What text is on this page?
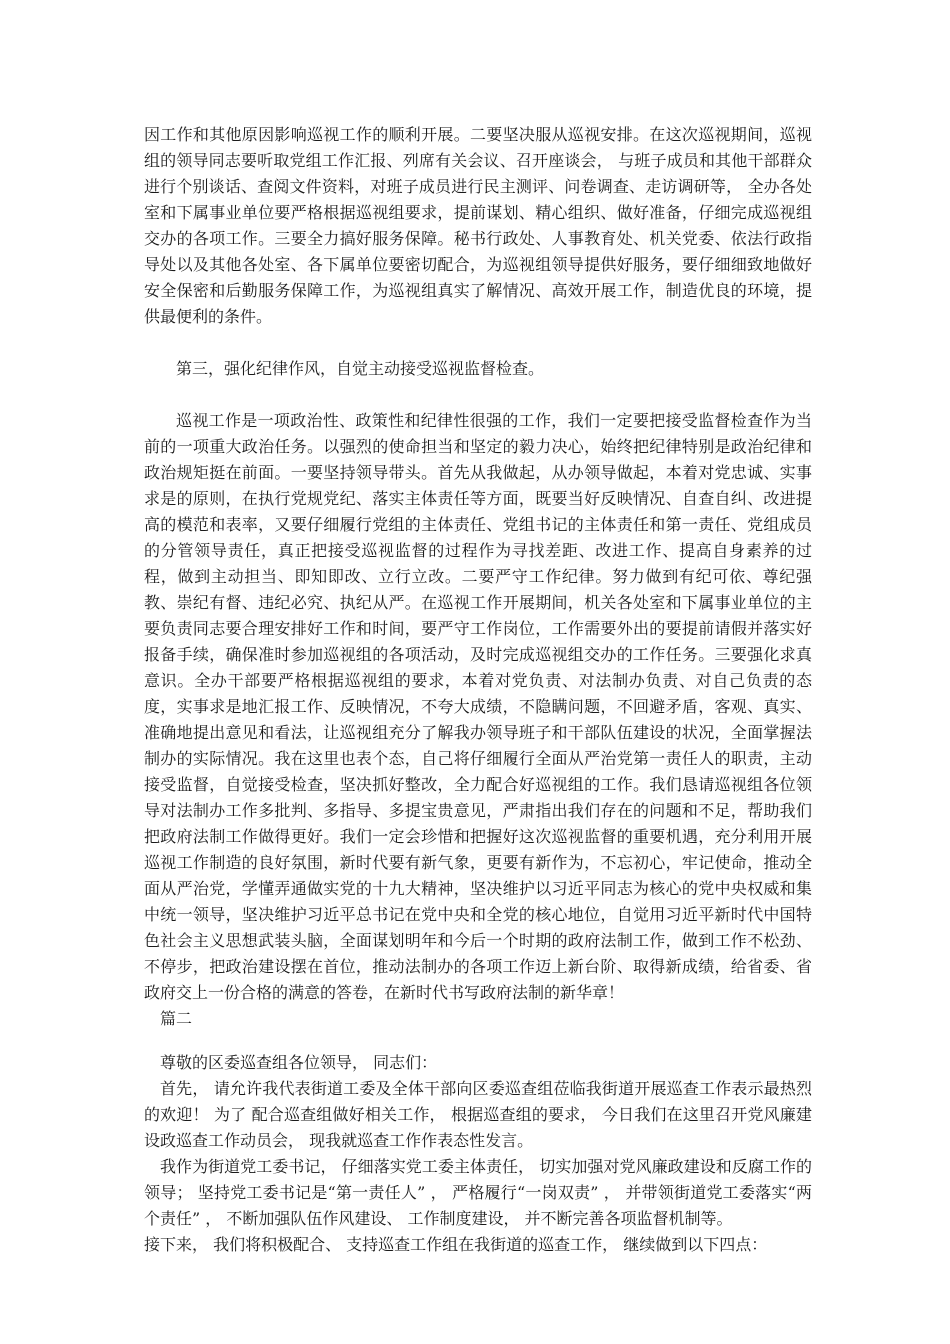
因工作和其他原因影响巡视工作的顺利开展。二要坚决服从巡视安排。在这次巡视期间，巡视组的领导同志要听取党组工作汇报、列席有关会议、召开座谈会， 与班子成员和其他干部群众进行个别谈话、查阅文件资料，对班子成员进行民主测评、问卷调查、走访调研等， 全办各处室和下属事业单位要严格根据巡视组要求，提前谋划、精心组织、做好准备，仔细完成巡视组交办的各项工作。三要全力搞好服务保障。秘书行政处、人事教育处、机关党委、依法行政指导处以及其他各处室、各下属单位要密切配合，为巡视组领导提供好服务，要仔细细致地做好安全保密和后勤服务保障工作，为巡视组真实了解情况、高效开展工作，制造优良的环境，提供最便利的条件。

第三，强化纪律作风，自觉主动接受巡视监督检查。

巡视工作是一项政治性、政策性和纪律性很强的工作，我们一定要把接受监督检查作为当前的一项重大政治任务。以强烈的使命担当和坚定的毅力决心，始终把纪律特别是政治纪律和政治规矩挺在前面。一要坚持领导带头。首先从我做起，从办领导做起，本着对党忠诚、实事求是的原则，在执行党规党纪、落实主体责任等方面，既要当好反映情况、自查自纠、改进提高的模范和表率，又要仔细履行党组的主体责任、党组书记的主体责任和第一责任、党组成员的分管领导责任，真正把接受巡视监督的过程作为寻找差距、改进工作、提高自身素养的过程，做到主动担当、即知即改、立行立改。二要严守工作纪律。努力做到有纪可依、尊纪强教、崇纪有督、违纪必究、执纪从严。在巡视工作开展期间，机关各处室和下属事业单位的主要负责同志要合理安排好工作和时间，要严守工作岗位，工作需要外出的要提前请假并落实好报备手续，确保准时参加巡视组的各项活动，及时完成巡视组交办的工作任务。三要强化求真意识。全办干部要严格根据巡视组的要求，本着对党负责、对法制办负责、对自己负责的态度，实事求是地汇报工作、反映情况，不夸大成绩，不隐瞒问题，不回避矛盾，客观、真实、准确地提出意见和看法，让巡视组充分了解我办领导班子和干部队伍建设的状况，全面掌握法制办的实际情况。我在这里也表个态，自己将仔细履行全面从严治党第一责任人的职责，主动接受监督，自觉接受检查，坚决抓好整改，全力配合好巡视组的工作。我们恳请巡视组各位领导对法制办工作多批判、多指导、多提宝贵意见，严肃指出我们存在的问题和不足，帮助我们把政府法制工作做得更好。我们一定会珍惜和把握好这次巡视监督的重要机遇，充分利用开展巡视工作制造的良好氛围，新时代要有新气象，更要有新作为，不忘初心，牢记使命，推动全面从严治党，学懂弄通做实党的十九大精神，坚决维护以习近平同志为核心的党中央权威和集中统一领导，坚决维护习近平总书记在党中央和全党的核心地位，自觉用习近平新时代中国特色社会主义思想武装头脑，全面谋划明年和今后一个时期的政府法制工作，做到工作不松劲、不停步，把政治建设摆在首位，推动法制办的各项工作迈上新台阶、取得新成绩，给省委、省政府交上一份合格的满意的答卷，在新时代书写政府法制的新华章！

篇二

尊敬的区委巡查组各位领导， 同志们：

首先， 请允许我代表街道工委及全体干部向区委巡查组莅临我街道开展巡查工作表示最热烈的欢迎！ 为了 配合巡查组做好相关工作， 根据巡查组的要求， 今日我们在这里召开党风廉建设政巡查工作动员会， 现我就巡查工作作表态性发言。

我作为街道党工委书记， 仔细落实党工委主体责任， 切实加强对党风廉政建设和反腐工作的领导； 坚持党工委书记是“第一责任人” ， 严格履行“一岗双责” ， 并带领街道党工委落实“两个责任” ， 不断加强队伍作风建设、 工作制度建设， 并不断完善各项监督机制等。

接下来， 我们将积极配合、 支持巡查工作组在我街道的巡查工作， 继续做到以下四点：
